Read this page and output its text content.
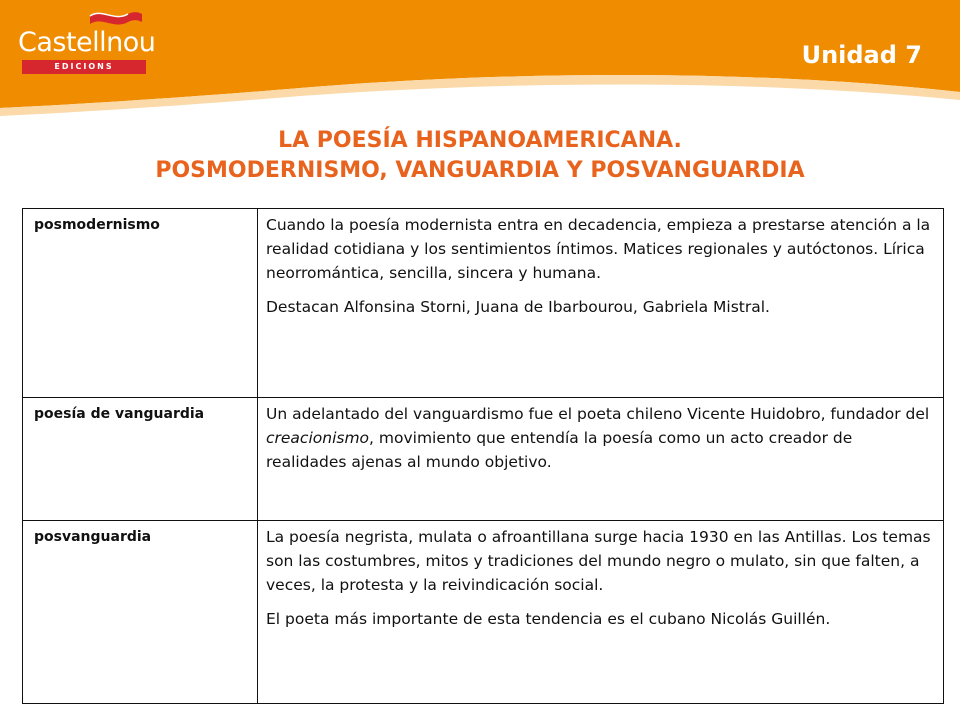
Castellnou
EDICIONS	Unidad 7
LA POESÍA HISPANOAMERICANA.
POSMODERNISMO, VANGUARDIA Y POSVANGUARDIA
posmodernismo	Cuando la poesía modernista entra en decadencia, empieza a prestarse atención a la realidad cotidiana y los sentimientos íntimos. Matices regionales y autóctonos. Lírica neorromántica, sencilla, sincera y humana.

Destacan Alfonsina Storni, Juana de Ibarbourou, Gabriela Mistral.

poesía de vanguardia	Un adelantado del vanguardismo fue el poeta chileno Vicente Huidobro, fundador del creacionismo, movimiento que entendía la poesía como un acto creador de realidades ajenas al mundo objetivo.

posvanguardia	La poesía negrista, mulata o afroantillana surge hacia 1930 en las Antillas. Los temas son las costumbres, mitos y tradiciones del mundo negro o mulato, sin que falten, a veces, la protesta y la reivindicación social.

El poeta más importante de esta tendencia es el cubano Nicolás Guillén.
